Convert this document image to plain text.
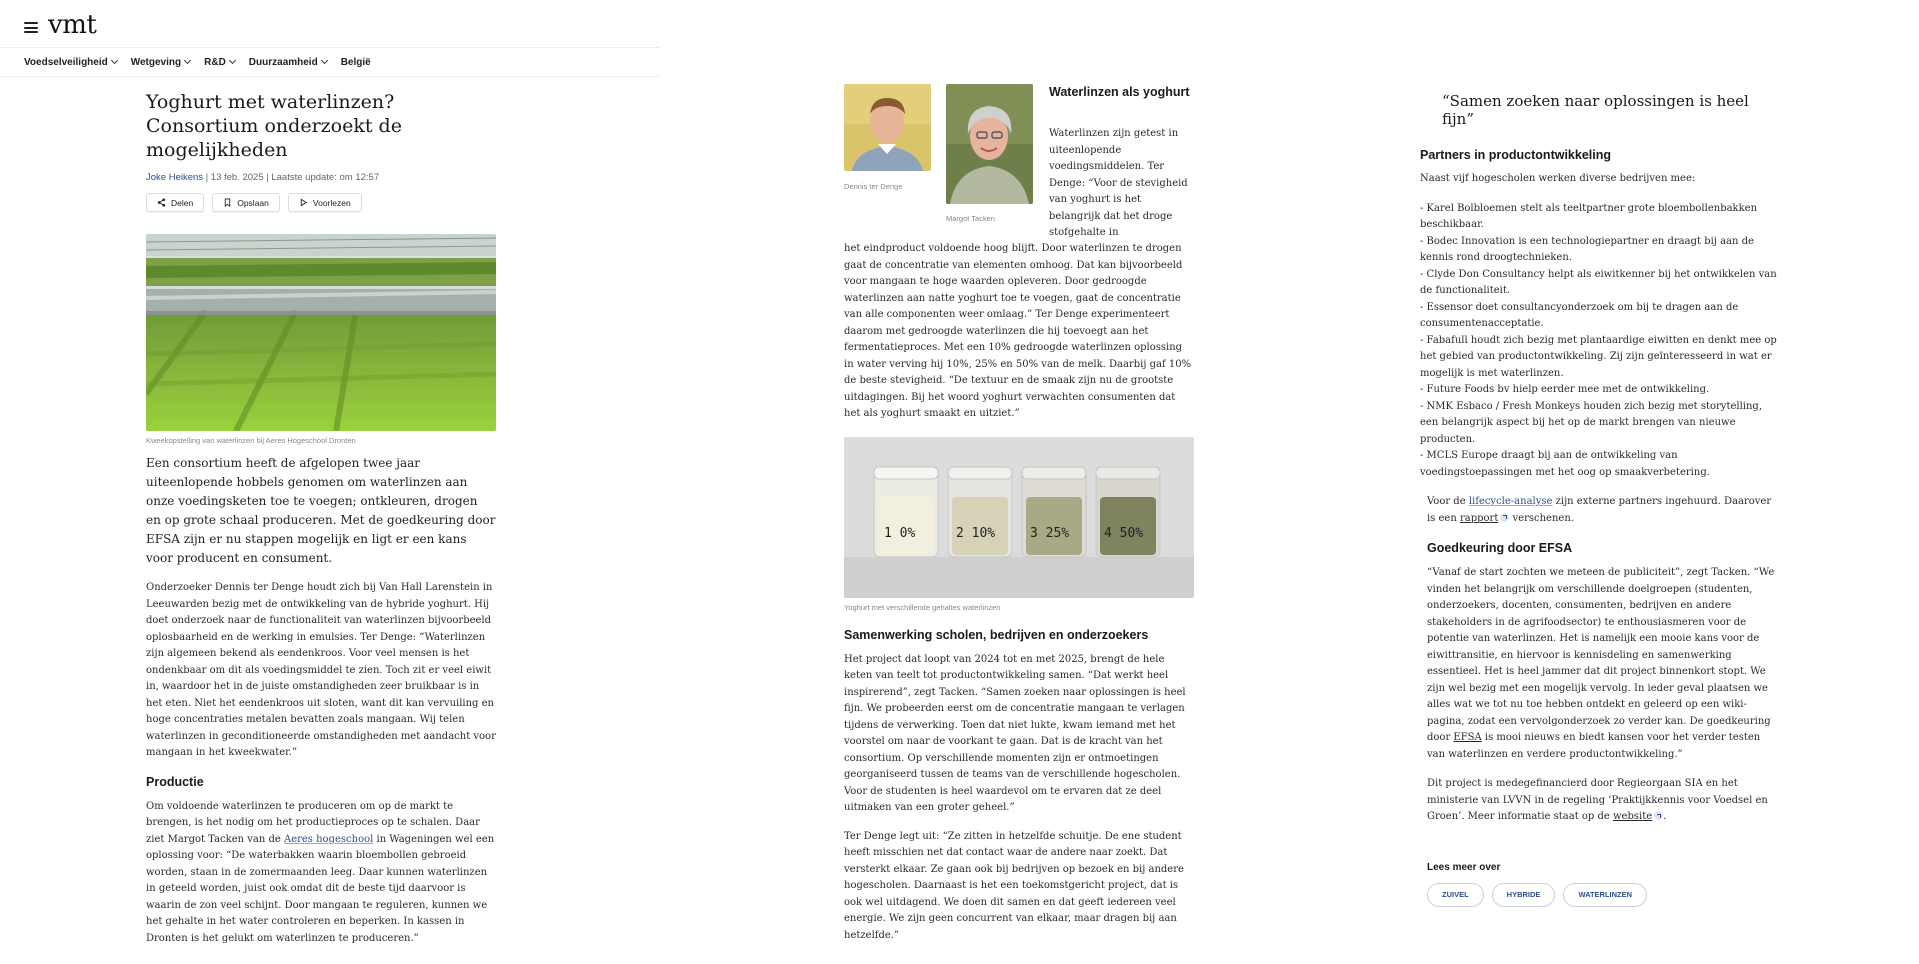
vmt
Voedselveiligheid Wetgeving R&D Duurzaamheid België
Yoghurt met waterlinzen? Consortium onderzoekt de mogelijkheden
Joke Heikens | 13 feb. 2025 | Laatste update: om 12:57
Delen	Opslaan	Voorlezen
Kweekopstelling van waterlinzen bij Aeres Hogeschool Dronten

Een consortium heeft de afgelopen twee jaar uiteenlopende hobbels genomen om waterlinzen aan onze voedingsketen toe te voegen; ontkleuren, drogen en op grote schaal produceren. Met de goedkeuring door EFSA zijn er nu stappen mogelijk en ligt er een kans voor producent en consument.

Onderzoeker Dennis ter Denge houdt zich bij Van Hall Larenstein in Leeuwarden bezig met de ontwikkeling van de hybride yoghurt. Hij doet onderzoek naar de functionaliteit van waterlinzen bijvoorbeeld oplosbaarheid en de werking in emulsies. Ter Denge: “Waterlinzen zijn algemeen bekend als eendenkroos. Voor veel mensen is het ondenkbaar om dit als voedingsmiddel te zien. Toch zit er veel eiwit in, waardoor het in de juiste omstandigheden zeer bruikbaar is in het eten. Niet het eendenkroos uit sloten, want dit kan vervuiling en hoge concentraties metalen bevatten zoals mangaan. Wij telen waterlinzen in geconditioneerde omstandigheden met aandacht voor mangaan in het kweekwater.”

Productie

Om voldoende waterlinzen te produceren om op de markt te brengen, is het nodig om het productieproces op te schalen. Daar ziet Margot Tacken van de Aeres hogeschool in Wageningen wel een oplossing voor: “De waterbakken waarin bloembollen gebroeid worden, staan in de zomermaanden leeg. Daar kunnen waterlinzen in geteeld worden, juist ook omdat dit de beste tijd daarvoor is waarin de zon veel schijnt. Door mangaan te reguleren, kunnen we het gehalte in het water controleren en beperken. In kassen in Dronten is het gelukt om waterlinzen te produceren.”

Dennis ter Denge
Margot Tacken
Waterlinzen als yoghurt

Waterlinzen zijn getest in uiteenlopende voedingsmiddelen. Ter Denge: “Voor de stevigheid van yoghurt is het belangrijk dat het droge stofgehalte in

het eindproduct voldoende hoog blijft. Door waterlinzen te drogen gaat de concentratie van elementen omhoog. Dat kan bijvoorbeeld voor mangaan te hoge waarden opleveren. Door gedroogde waterlinzen aan natte yoghurt toe te voegen, gaat de concentratie van alle componenten weer omlaag.” Ter Denge experimenteert daarom met gedroogde waterlinzen die hij toevoegt aan het fermentatieproces. Met een 10% gedroogde waterlinzen oplossing in water verving hij 10%, 25% en 50% van de melk. Daarbij gaf 10% de beste stevigheid. “De textuur en de smaak zijn nu de grootste uitdagingen. Bij het woord yoghurt verwachten consumenten dat het als yoghurt smaakt en uitziet.”

1 0%	2 10%	3 25%	4 50%
Yoghurt met verschillende gehaltes waterlinzen
Samenwerking scholen, bedrijven en onderzoekers

Het project dat loopt van 2024 tot en met 2025, brengt de hele keten van teelt tot productontwikkeling samen. “Dat werkt heel inspirerend”, zegt Tacken. “Samen zoeken naar oplossingen is heel fijn. We probeerden eerst om de concentratie mangaan te verlagen tijdens de verwerking. Toen dat niet lukte, kwam iemand met het voorstel om naar de voorkant te gaan. Dat is de kracht van het consortium. Op verschillende momenten zijn er ontmoetingen georganiseerd tussen de teams van de verschillende hogescholen. Voor de studenten is heel waardevol om te ervaren dat ze deel uitmaken van een groter geheel.”

Ter Denge legt uit: “Ze zitten in hetzelfde schuitje. De ene student heeft misschien net dat contact waar de andere naar zoekt. Dat versterkt elkaar. Ze gaan ook bij bedrijven op bezoek en bij andere hogescholen. Daarnaast is het een toekomstgericht project, dat is ook wel uitdagend. We doen dit samen en dat geeft iedereen veel energie. We zijn geen concurrent van elkaar, maar dragen bij aan hetzelfde.”

“Samen zoeken naar oplossingen is heel fijn”
Partners in productontwikkeling

Naast vijf hogescholen werken diverse bedrijven mee:

- Karel Bolbloemen stelt als teeltpartner grote bloembollenbakken beschikbaar.

- Bodec Innovation is een technologiepartner en draagt bij aan de kennis rond droogtechnieken.

- Clyde Don Consultancy helpt als eiwitkenner bij het ontwikkelen van de functionaliteit.

- Essensor doet consultancyonderzoek om bij te dragen aan de consumentenacceptatie.

- Fabafull houdt zich bezig met plantaardige eiwitten en denkt mee op het gebied van productontwikkeling. Zij zijn geïnteresseerd in wat er mogelijk is met waterlinzen.

- Future Foods bv hielp eerder mee met de ontwikkeling.

- NMK Esbaco / Fresh Monkeys houden zich bezig met storytelling, een belangrijk aspect bij het op de markt brengen van nieuwe producten.

- MCLS Europe draagt bij aan de ontwikkeling van voedingstoepassingen met het oog op smaakverbetering.

Voor de lifecycle-analyse zijn externe partners ingehuurd. Daarover is een rapport verschenen.

Goedkeuring door EFSA

“Vanaf de start zochten we meteen de publiciteit”, zegt Tacken. “We vinden het belangrijk om verschillende doelgroepen (studenten, onderzoekers, docenten, consumenten, bedrijven en andere stakeholders in de agrifoodsector) te enthousiasmeren voor de potentie van waterlinzen. Het is namelijk een mooie kans voor de eiwittransitie, en hiervoor is kennisdeling en samenwerking essentieel. Het is heel jammer dat dit project binnenkort stopt. We zijn wel bezig met een mogelijk vervolg. In ieder geval plaatsen we alles wat we tot nu toe hebben ontdekt en geleerd op een wiki-pagina, zodat een vervolgonderzoek zo verder kan. De goedkeuring door EFSA is mooi nieuws en biedt kansen voor het verder testen van waterlinzen en verdere productontwikkeling.”

Dit project is medegefinancierd door Regieorgaan SIA en het ministerie van LVVN in de regeling ‘Praktijkkennis voor Voedsel en Groen’. Meer informatie staat op de website .

Lees meer over
ZUIVEL	HYBRIDE	WATERLINZEN
